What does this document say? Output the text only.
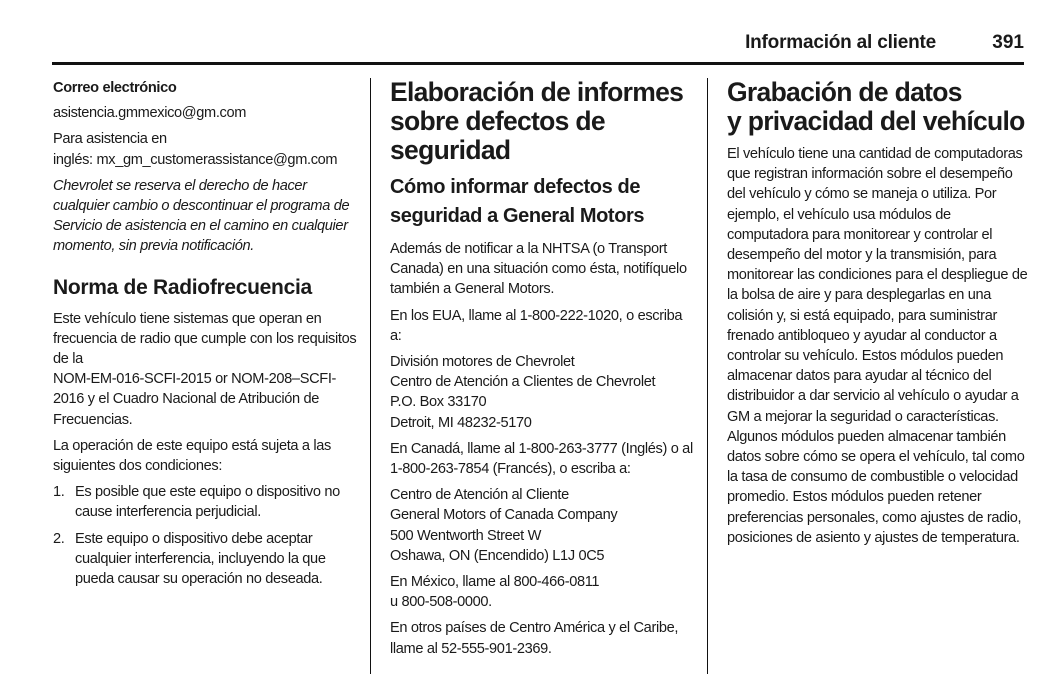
Información al cliente	391

Correo electrónico

asistencia.gmmexico@gm.com

Para asistencia en
inglés: mx_gm_customerassistance@gm.com

Chevrolet se reserva el derecho de hacer cualquier cambio o descontinuar el programa de Servicio de asistencia en el camino en cualquier momento, sin previa notificación.

Norma de Radiofrecuencia

Este vehículo tiene sistemas que operan en frecuencia de radio que cumple con los requisitos de la
NOM-EM-016-SCFI-2015 or NOM-208–SCFI-2016 y el Cuadro Nacional de Atribución de Frecuencias.

La operación de este equipo está sujeta a las siguientes dos condiciones:

1. Es posible que este equipo o dispositivo no cause interferencia perjudicial.
2. Este equipo o dispositivo debe aceptar cualquier interferencia, incluyendo la que pueda causar su operación no deseada.
Elaboración de informes sobre defectos de seguridad
Cómo informar defectos de seguridad a General Motors

Además de notificar a la NHTSA (o Transport Canada) en una situación como ésta, notifíquelo también a General Motors.

En los EUA, llame al 1-800-222-1020, o escriba a:

División motores de Chevrolet
Centro de Atención a Clientes de Chevrolet
P.O. Box 33170
Detroit, MI 48232-5170

En Canadá, llame al 1-800-263-3777 (Inglés) o al 1-800-263-7854 (Francés), o escriba a:

Centro de Atención al Cliente
General Motors of Canada Company
500 Wentworth Street W
Oshawa, ON (Encendido) L1J 0C5

En México, llame al 800-466-0811
u 800-508-0000.

En otros países de Centro América y el Caribe, llame al 52-555-901-2369.

Grabación de datos
y privacidad del vehículo

El vehículo tiene una cantidad de computadoras que registran información sobre el desempeño del vehículo y cómo se maneja o utiliza. Por ejemplo, el vehículo usa módulos de computadora para monitorear y controlar el desempeño del motor y la transmisión, para monitorear las condiciones para el despliegue de la bolsa de aire y para desplegarlas en una colisión y, si está equipado, para suministrar frenado antibloqueo y ayudar al conductor a controlar su vehículo. Estos módulos pueden almacenar datos para ayudar al técnico del distribuidor a dar servicio al vehículo o ayudar a GM a mejorar la seguridad o características. Algunos módulos pueden almacenar también datos sobre cómo se opera el vehículo, tal como la tasa de consumo de combustible o velocidad promedio. Estos módulos pueden retener preferencias personales, como ajustes de radio, posiciones de asiento y ajustes de temperatura.
